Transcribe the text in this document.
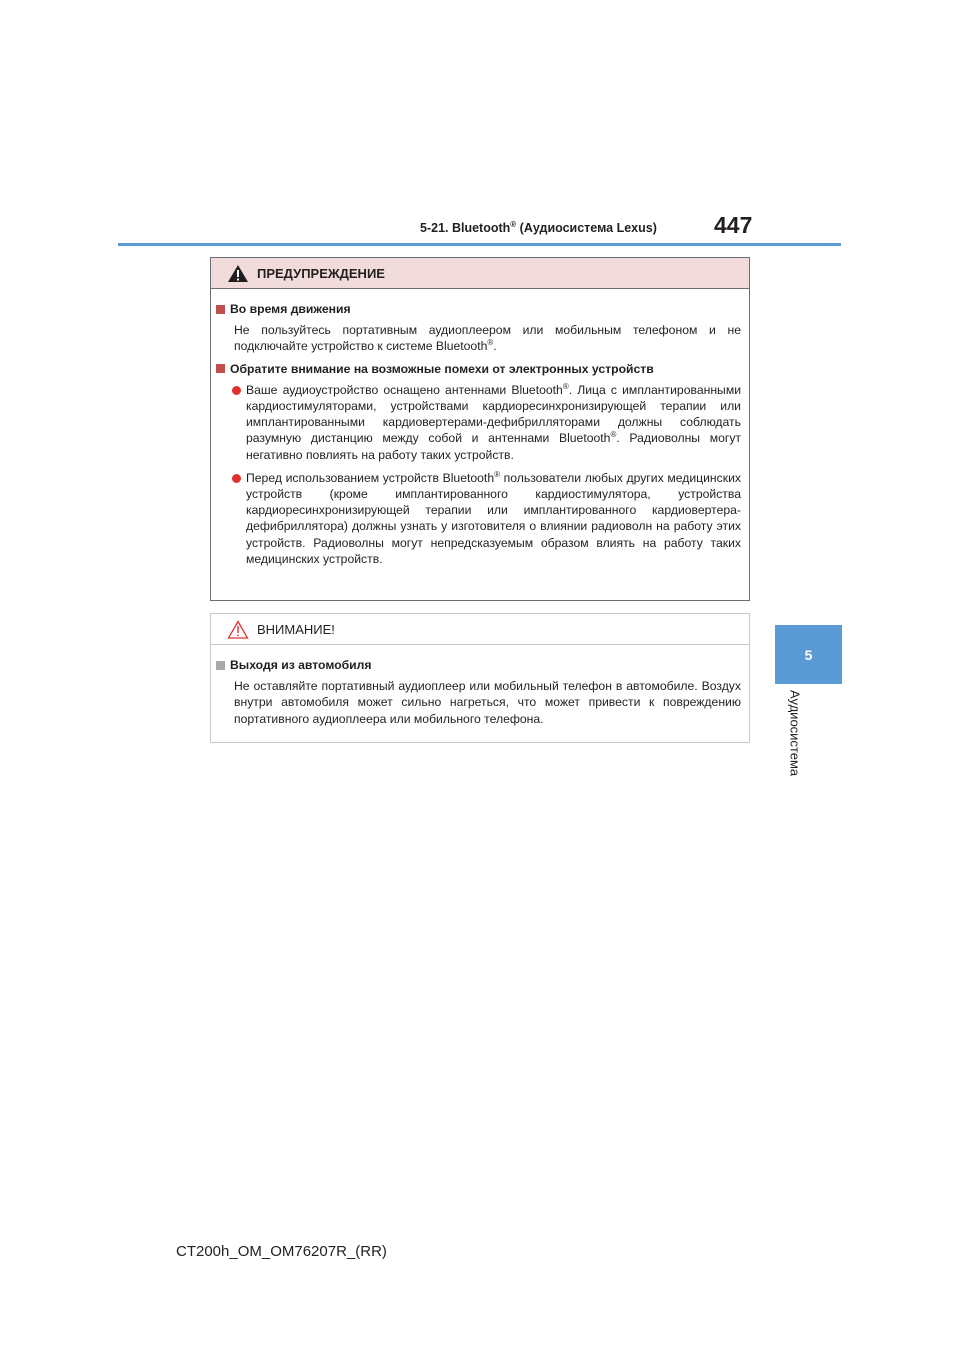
5-21. Bluetooth® (Аудиосистема Lexus)	447
5
Аудиосистема
ПРЕДУПРЕЖДЕНИЕ
Во время движения
Не пользуйтесь портативным аудиоплеером или мобильным телефоном и не подключайте устройство к системе Bluetooth®.
Обратите внимание на возможные помехи от электронных устройств
Ваше аудиоустройство оснащено антеннами Bluetooth®. Лица с имплантированными кардиостимуляторами, устройствами кардиоресинхронизирующей терапии или имплантированными кардиовертерами-дефибрилляторами должны соблюдать разумную дистанцию между собой и антеннами Bluetooth®. Радиоволны могут негативно повлиять на работу таких устройств.
Перед использованием устройств Bluetooth® пользователи любых других медицинских устройств (кроме имплантированного кардиостимулятора, устройства кардиоресинхронизирующей терапии или имплантированного кардиовертера-дефибриллятора) должны узнать у изготовителя о влиянии радиоволн на работу этих устройств. Радиоволны могут непредсказуемым образом влиять на работу таких медицинских устройств.
ВНИМАНИЕ!
Выходя из автомобиля
Не оставляйте портативный аудиоплеер или мобильный телефон в автомобиле. Воздух внутри автомобиля может сильно нагреться, что может привести к повреждению портативного аудиоплеера или мобильного телефона.
CT200h_OM_OM76207R_(RR)
